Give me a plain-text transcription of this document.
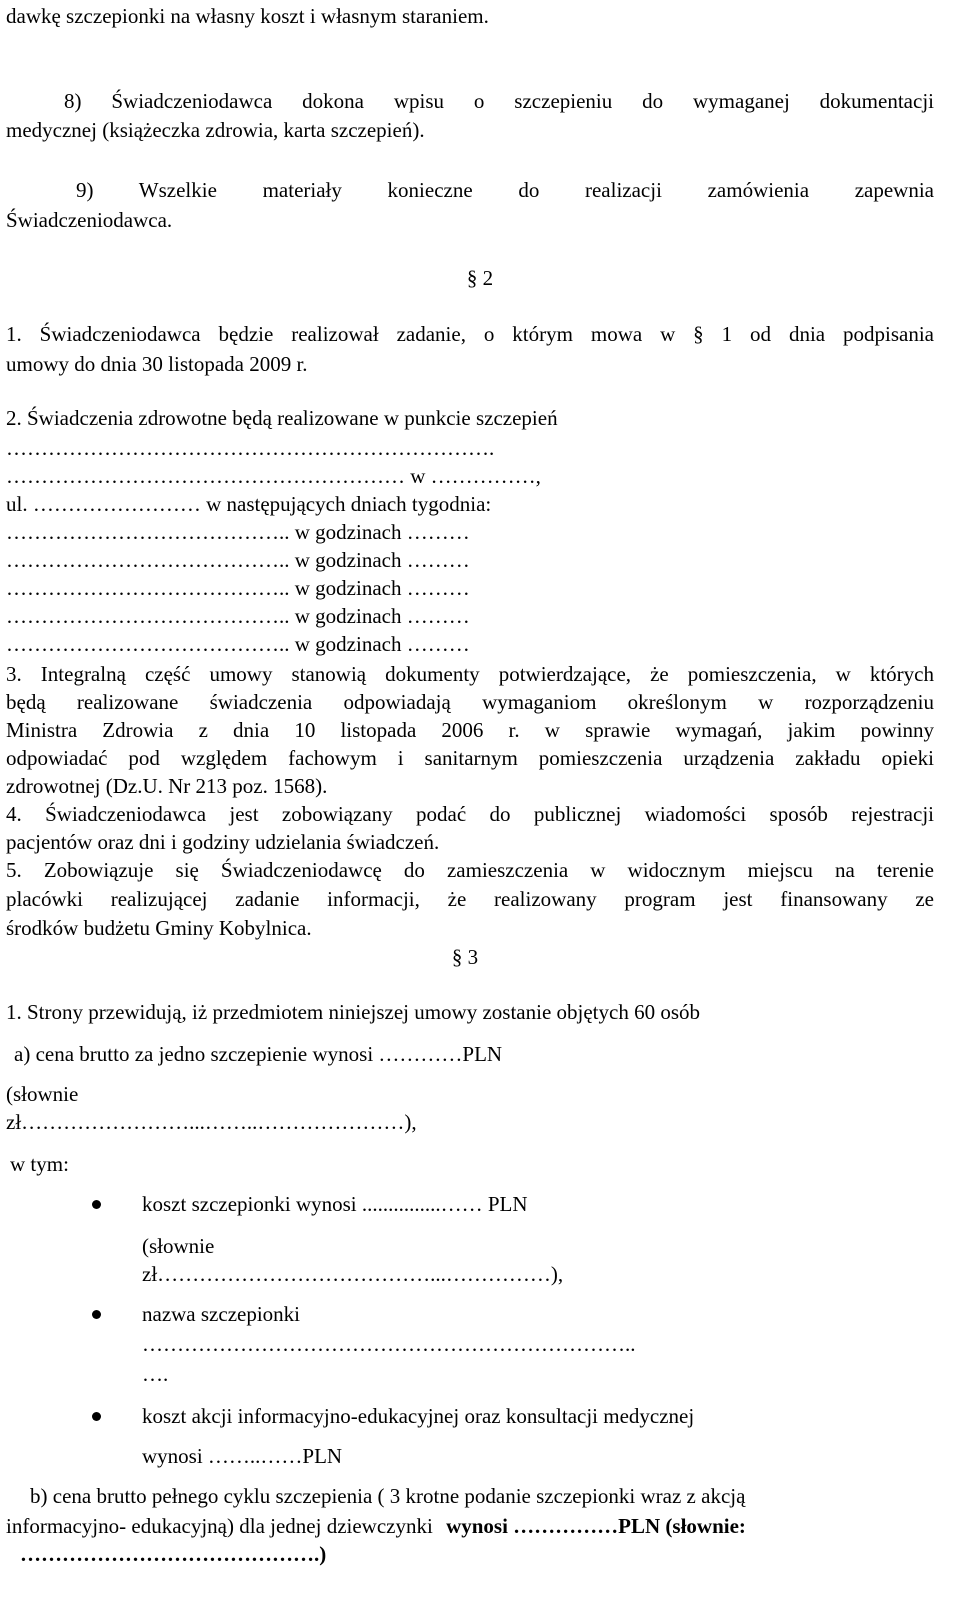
dawkę szczepionki na własny koszt i własnym staraniem.
8) Świadczeniodawca dokona wpisu o szczepieniu do wymaganej dokumentacji
medycznej (książeczka zdrowia, karta szczepień).
9) Wszelkie materiały konieczne do realizacji zamówienia zapewnia
Świadczeniodawca.
§ 2
1. Świadczeniodawca będzie realizował zadanie, o którym mowa w § 1 od dnia podpisania
umowy do dnia 30 listopada 2009 r.
2. Świadczenia zdrowotne będą realizowane w punkcie szczepień
…………………………………………………………….
………………………………………………… w ……………,
ul. …………………… w następujących dniach tygodnia:
………………………………….. w godzinach ………
………………………………….. w godzinach ………
………………………………….. w godzinach ………
………………………………….. w godzinach ………
………………………………….. w godzinach ………
3. Integralną część umowy stanowią dokumenty potwierdzające, że pomieszczenia, w których
będą realizowane świadczenia odpowiadają wymaganiom określonym w rozporządzeniu
Ministra Zdrowia z dnia 10 listopada 2006 r. w sprawie wymagań, jakim powinny
odpowiadać pod względem fachowym i sanitarnym pomieszczenia urządzenia zakładu opieki
zdrowotnej (Dz.U. Nr 213 poz. 1568).
4. Świadczeniodawca jest zobowiązany podać do publicznej wiadomości sposób rejestracji
pacjentów oraz dni i godziny udzielania świadczeń.
5. Zobowiązuje się Świadczeniodawcę do zamieszczenia w widocznym miejscu na terenie
placówki realizującej zadanie informacji, że realizowany program jest finansowany ze
środków budżetu Gminy Kobylnica.
§ 3
1. Strony przewidują, iż przedmiotem niniejszej umowy zostanie objętych 60 osób
a) cena brutto za jedno szczepienie wynosi …………PLN
(słownie
zł……………………...……..…………………),
w tym:
koszt szczepionki wynosi ...............…… PLN
(słownie
zł…………………………………...……………),
nazwa szczepionki
……………………………………………………………..
….
koszt akcji informacyjno-edukacyjnej oraz konsultacji medycznej
wynosi ……..……PLN
b) cena brutto pełnego cyklu szczepienia ( 3 krotne podanie szczepionki wraz z akcją
informacyjno- edukacyjną) dla jednej dziewczynki wynosi ……………PLN (słownie:
…………………………………….)
